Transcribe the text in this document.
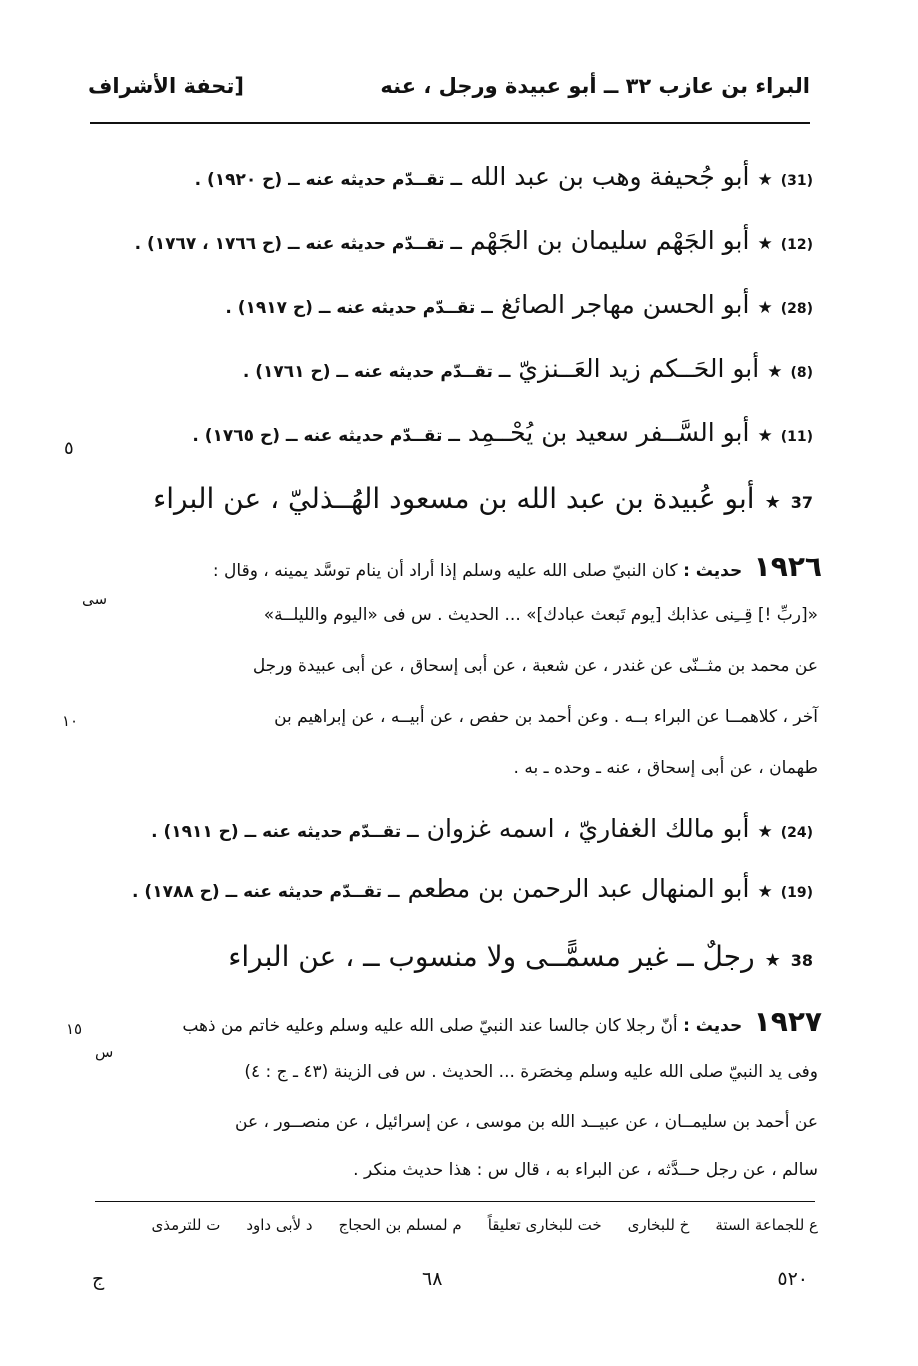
البراء بن عازب ٣٢ ــ أبو عبيدة ورجل ، عنه
[تحفة الأشراف
(31)
★
أبو جُحيفة وهب بن عبد الله
ــ تقــدّم حديثه عنه ــ (ح ١٩٢٠) .
(12)
★
أبو الجَهْم سليمان بن الجَهْم
ــ تقــدّم حديثه عنه ــ (ح ١٧٦٦ ، ١٧٦٧) .
(28)
★
أبو الحسن مهاجر الصائغ
ــ تقــدّم حديثه عنه ــ (ح ١٩١٧) .
(8)
★
أبو الحَــكم زيد العَــنزيّ
ــ تقــدّم حديثه عنه ــ (ح ١٧٦١) .
(11)
★
أبو السَّــفر سعيد بن يُحْــمِد
ــ تقــدّم حديثه عنه ــ (ح ١٧٦٥) .
٥
37
★
أبو عُبيدة بن عبد الله بن مسعود الهُــذليّ ، عن البراء
١٩٢٦ حديث : كان النبيّ صلى الله عليه وسلم إذا أراد أن ينام توسَّد يمينه ، وقال :
سى
«[ربِّ !] قِــِنى عذابك [يوم تَبعث عبادك]» ... الحديث . س فى «اليوم والليلــة»
عن محمد بن مثــنّى عن غندر ، عن شعبة ، عن أبى إسحاق ، عن أبى عبيدة ورجل
آخر ، كلاهمــا عن البراء بــه . وعن أحمد بن حفص ، عن أبيــه ، عن إبراهيم بن
١٠
طهمان ، عن أبى إسحاق ، عنه ـ وحده ـ به .
(24)
★
أبو مالك الغفاريّ ، اسمه غزوان
ــ تقــدّم حديثه عنه ــ (ح ١٩١١) .
(19)
★
أبو المنهال عبد الرحمن بن مطعم
ــ تقــدّم حديثه عنه ــ (ح ١٧٨٨) .
38
★
رجلٌ ــ غير مسمًّــى ولا منسوب ــ ، عن البراء
١٩٢٧ حديث : أنّ رجلا كان جالسا عند النبيّ صلى الله عليه وسلم وعليه خاتم من ذهب
١٥
س
وفى يد النبيّ صلى الله عليه وسلم مِخصَرة ... الحديث . س فى الزينة (٤٣ ـ ج : ٤)
عن أحمد بن سليمــان ، عن عبيــد الله بن موسى ، عن إسرائيل ، عن منصــور ، عن
سالم ، عن رجل حــدَّثه ، عن البراء به ، قال س : هذا حديث منكر .
ع للجماعة الستة
خ للبخارى
خت للبخارى تعليقاً
م لمسلم بن الحجاج
د لأبى داود
ت للترمذى
٥٢٠
٦٨
ج
